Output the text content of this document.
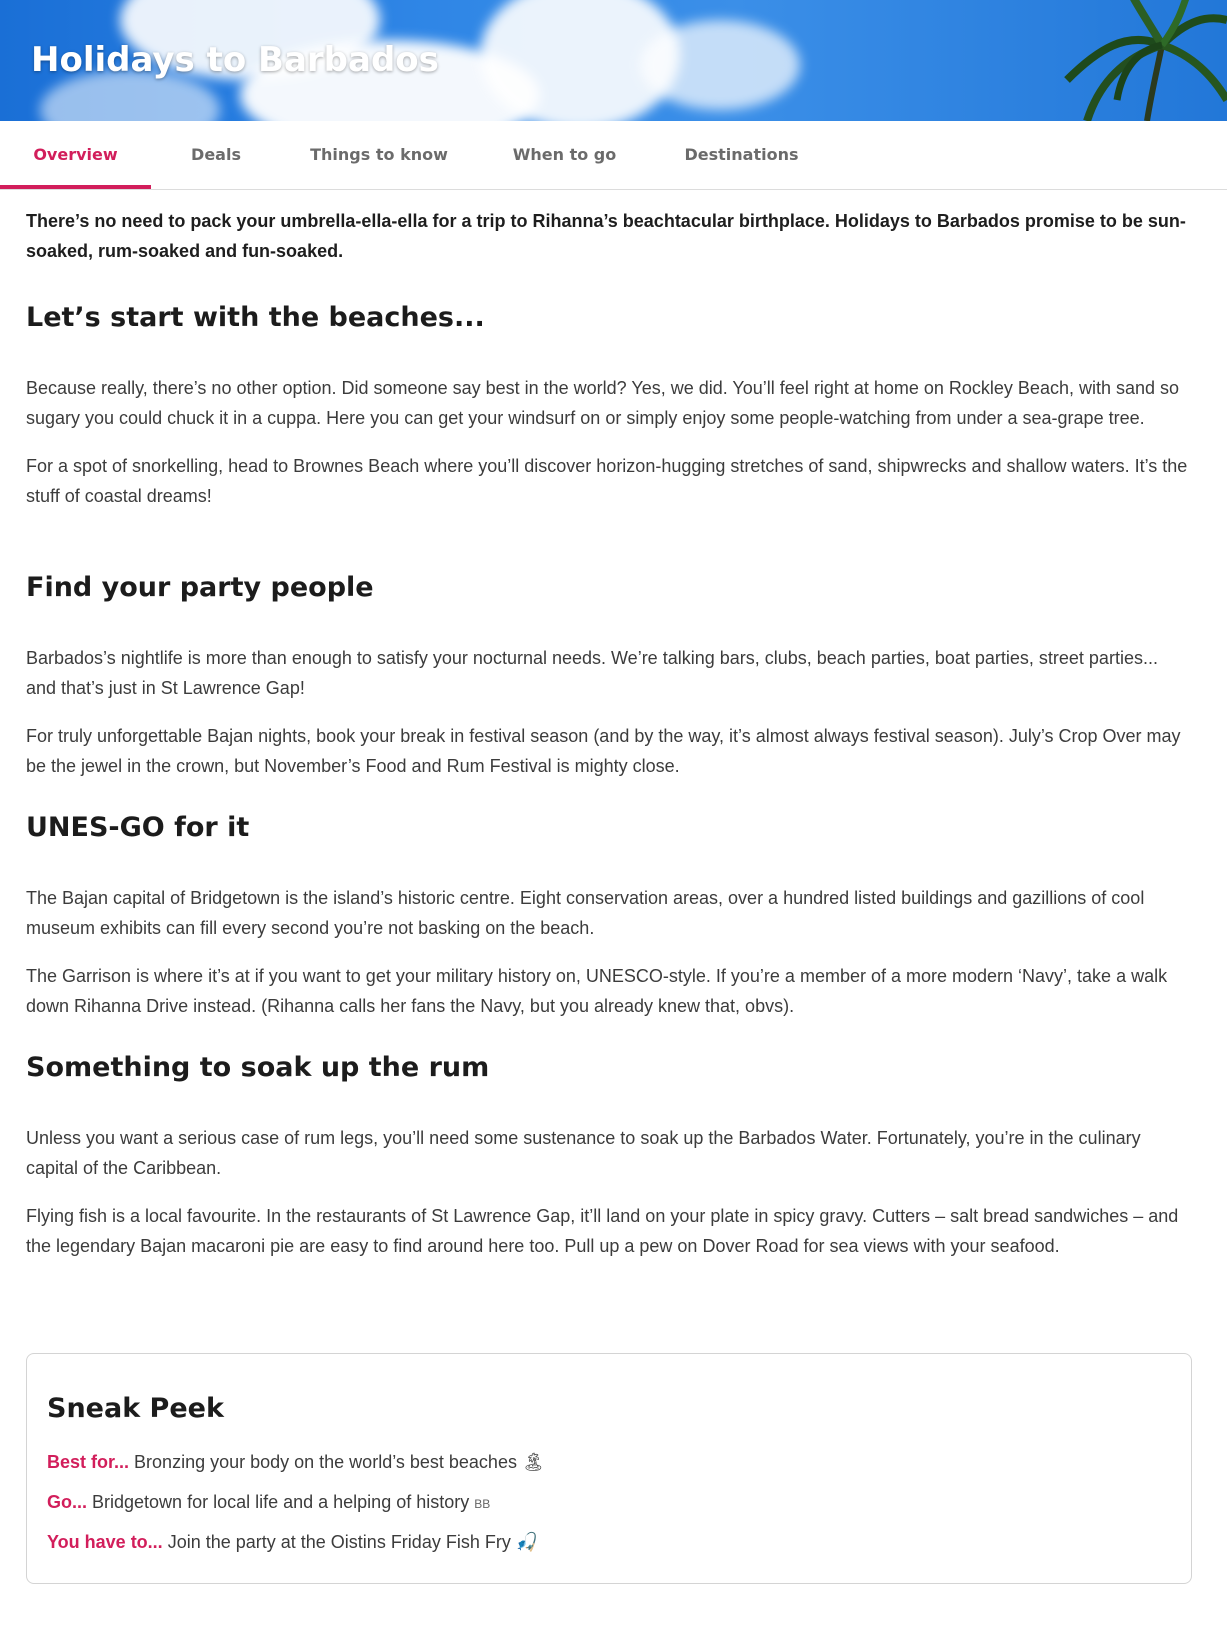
Holidays to Barbados
Overview	Deals	Things to know	When to go	Destinations

There’s no need to pack your umbrella-ella-ella for a trip to Rihanna’s beachtacular birthplace. Holidays to Barbados promise to be sun-soaked, rum-soaked and fun-soaked.

Let’s start with the beaches...

Because really, there’s no other option. Did someone say best in the world? Yes, we did. You’ll feel right at home on Rockley Beach, with sand so sugary you could chuck it in a cuppa. Here you can get your windsurf on or simply enjoy some people-watching from under a sea-grape tree.

For a spot of snorkelling, head to Brownes Beach where you’ll discover horizon-hugging stretches of sand, shipwrecks and shallow waters. It’s the stuff of coastal dreams!

Find your party people

Barbados’s nightlife is more than enough to satisfy your nocturnal needs. We’re talking bars, clubs, beach parties, boat parties, street parties... and that’s just in St Lawrence Gap!

For truly unforgettable Bajan nights, book your break in festival season (and by the way, it’s almost always festival season). July’s Crop Over may be the jewel in the crown, but November’s Food and Rum Festival is mighty close.

UNES-GO for it

The Bajan capital of Bridgetown is the island’s historic centre. Eight conservation areas, over a hundred listed buildings and gazillions of cool museum exhibits can fill every second you’re not basking on the beach.

The Garrison is where it’s at if you want to get your military history on, UNESCO-style. If you’re a member of a more modern ‘Navy’, take a walk down Rihanna Drive instead. (Rihanna calls her fans the Navy, but you already knew that, obvs).

Something to soak up the rum

Unless you want a serious case of rum legs, you’ll need some sustenance to soak up the Barbados Water. Fortunately, you’re in the culinary capital of the Caribbean.

Flying fish is a local favourite. In the restaurants of St Lawrence Gap, it’ll land on your plate in spicy gravy. Cutters – salt bread sandwiches – and the legendary Bajan macaroni pie are easy to find around here too. Pull up a pew on Dover Road for sea views with your seafood.

Sneak Peek
Best for... Bronzing your body on the world’s best beaches 🏝
Go... Bridgetown for local life and a helping of history BB
You have to... Join the party at the Oistins Friday Fish Fry 🎣
